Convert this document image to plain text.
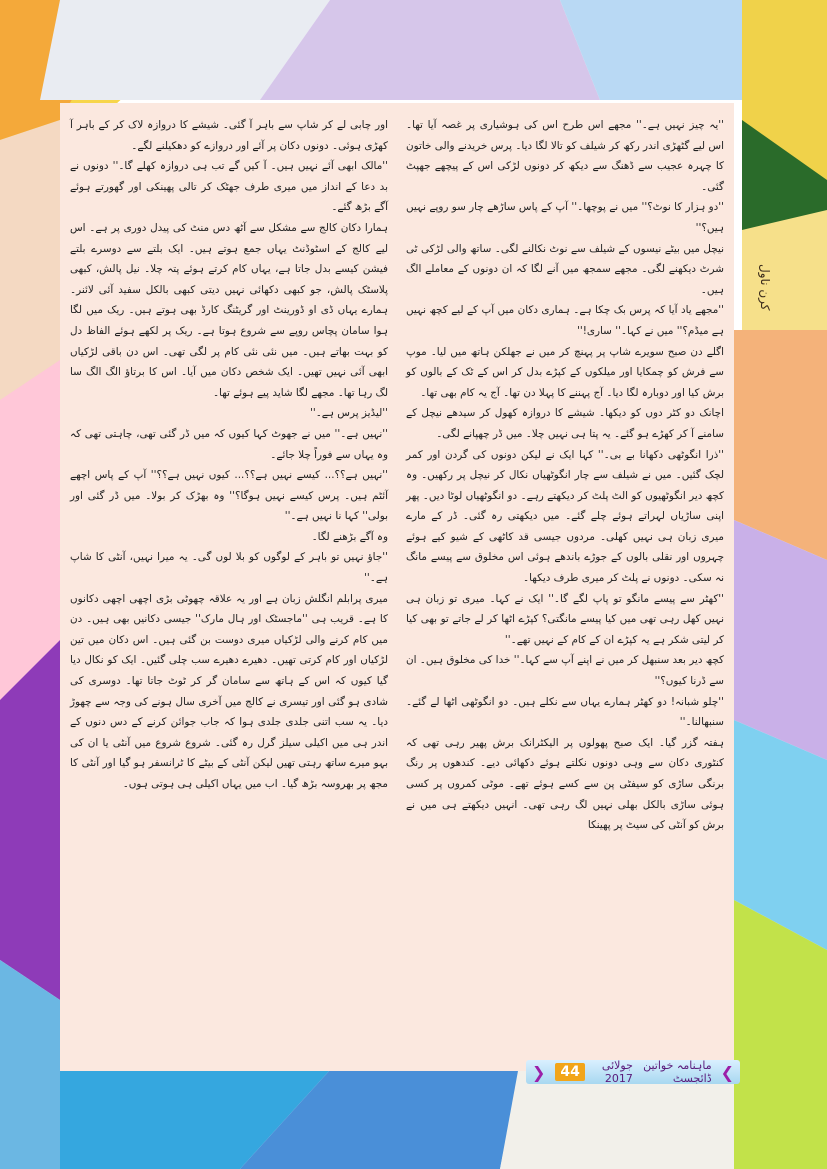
کرن ناول

''یہ چیز نہیں ہے۔'' مجھے اس طرح اس کی ہوشیاری پر غصہ آیا تھا۔ اس لیے گٹھڑی اندر رکھ کر شیلف کو تالا لگا دیا۔ پرس خریدنے والی خاتون کا چہرہ عجیب سے ڈھنگ سے دیکھ کر دونوں لڑکی اس کے پیچھے جھپٹ گئی۔

''دو ہزار کا نوٹ؟'' میں نے پوچھا۔'' آپ کے پاس ساڑھے چار سو روپے نہیں ہیں؟''

نیچل میں بیٹے نیسوں کے شیلف سے نوٹ نکالنے لگی۔ ساتھ والی لڑکی ٹی شرٹ دیکھنے لگی۔ مجھے سمجھ میں آنے لگا کہ ان دونوں کے معاملے الگ ہیں۔

''مجھے یاد آیا کہ پرس بک چکا ہے۔ ہماری دکان میں آپ کے لیے کچھ نہیں ہے میڈم؟'' میں نے کہا۔'' ساری!''

اگلے دن صبح سویرے شاپ پر پہنچ کر میں نے جھلکن ہاتھ میں لیا۔ موپ سے فرش کو چمکایا اور میلکوں کے کپڑے بدل کر اس کے ٹک کے بالوں کو برش کیا اور دوبارہ لگا دیا۔ آج پہننے کا پہلا دن تھا۔ آج یہ کام بھی تھا۔

اچانک دو کٹر دوں کو دیکھا۔ شیشے کا دروازہ کھول کر سیدھے نیچل کے سامنے آ کر کھڑے ہو گئے۔ یہ پتا ہی نہیں چلا۔ میں ڈر چھپانے لگی۔

''ذرا انگوٹھی دکھانا بے بی۔'' کہا ایک نے لیکن دونوں کی گردن اور کمر لچک گئیں۔ میں نے شیلف سے چار انگوٹھیاں نکال کر نیچل پر رکھیں۔ وہ کچھ دیر انگوٹھیوں کو الٹ پلٹ کر دیکھتے رہے۔ دو انگوٹھیاں لوٹا دیں۔ پھر اپنی ساڑیاں لہراتے ہوئے چلے گئے۔ میں دیکھتی رہ گئی۔ ڈر کے مارے میری زبان ہی نہیں کھلی۔ مردوں جیسی قد کاٹھی کے شیو کیے ہوئے چہروں اور نقلی بالوں کے جوڑے باندھے ہوئی اس مخلوق سے پیسے مانگ نہ سکی۔ دونوں نے پلٹ کر میری طرف دیکھا۔

''کھٹر سے پیسے مانگو تو پاپ لگے گا۔'' ایک نے کہا۔ میری تو زبان ہی نہیں کھل رہی تھی میں کیا پیسے مانگتی؟ کپڑے اٹھا کر لے جاتے تو بھی کیا کر لیتی شکر ہے یہ کپڑے ان کے کام کے نہیں تھے۔''

کچھ دیر بعد سنبھل کر میں نے اپنے آپ سے کہا۔'' خدا کی مخلوق ہیں۔ ان سے ڈرنا کیوں؟''

''چلو شبانہ! دو کھٹر ہمارے یہاں سے نکلے ہیں۔ دو انگوٹھی اٹھا لے گئے۔ سنبھالنا۔''

ہفتہ گزر گیا۔ ایک صبح پھولوں پر الیکٹرانک برش پھیر رہی تھی کہ کنٹوری دکان سے وہی دونوں نکلتے ہوئے دکھائی دیے۔ کندھوں پر رنگ برنگی ساڑی کو سیفٹی پن سے کسے ہوئے تھے۔ موٹی کمروں پر کسی ہوئی ساڑی بالکل بھلی نہیں لگ رہی تھی۔ انہیں دیکھتے ہی میں نے برش کو آنٹی کی سیٹ پر پھینکا

اور چابی لے کر شاپ سے باہر آ گئی۔ شیشے کا دروازہ لاک کر کے باہر آ کھڑی ہوئی۔ دونوں دکان پر آئے اور دروازے کو دھکیلنے لگے۔

''مالک ابھی آئے نہیں ہیں۔ آ کیں گے تب ہی دروازہ کھلے گا۔'' دونوں نے بد دعا کے انداز میں میری طرف جھٹک کر تالی پھینکی اور گھورتے ہوئے آگے بڑھ گئے۔

ہمارا دکان کالج سے مشکل سے آٹھ دس منٹ کی پیدل دوری پر ہے۔ اس لیے کالج کے اسٹوڈنٹ یہاں جمع ہوتے ہیں۔ ایک بلتے سے دوسرے بلتے فیشن کیسے بدل جاتا ہے، یہاں کام کرتے ہوئے پتہ چلا۔ نیل پالش، کبھی پلاسٹک پالش، جو کبھی دکھائی نہیں دیتی کبھی بالکل سفید آئی لائنر۔ ہمارے یہاں ڈی او ڈورینٹ اور گریٹنگ کارڈ بھی ہوتے ہیں۔ ریک میں لگا ہوا سامان پچاس روپے سے شروع ہوتا ہے۔ ریک پر لکھے ہوئے الفاظ دل کو بہت بھاتے ہیں۔ میں نئی نئی کام پر لگی تھی۔ اس دن باقی لڑکیاں ابھی آئی نہیں تھیں۔ ایک شخص دکان میں آیا۔ اس کا برتاؤ الگ الگ سا لگ رہا تھا۔ مجھے لگا شاید پیے ہوئے تھا۔

''لیڈیز پرس ہے۔''

''نہیں ہے۔'' میں نے جھوٹ کہا کیوں کہ میں ڈر گئی تھی، چاہتی تھی کہ وہ یہاں سے فوراً چلا جائے۔

''نہیں ہے؟؟... کیسے نہیں ہے؟؟... کیوں نہیں ہے؟؟'' آپ کے پاس اچھے آئٹم ہیں۔ پرس کیسے نہیں ہوگا؟'' وہ بھڑک کر بولا۔ میں ڈر گئی اور بولی'' کہا نا نہیں ہے۔''

وہ آگے بڑھنے لگا۔

''جاؤ نہیں تو باہر کے لوگوں کو بلا لوں گی۔ یہ میرا نہیں، آنٹی کا شاپ ہے۔''

میری پرابلم انگلش زبان ہے اور یہ علاقہ چھوٹی بڑی اچھی اچھی دکانوں کا ہے۔ قریب ہی ''ماجسٹک اور ہال مارک'' جیسی دکانیں بھی ہیں۔ دن میں کام کرنے والی لڑکیاں میری دوست بن گئی ہیں۔ اس دکان میں تین لڑکیاں اور کام کرتی تھیں۔ دھیرے دھیرے سب چلی گئیں۔ ایک کو نکال دیا گیا کیوں کہ اس کے ہاتھ سے سامان گر کر ٹوٹ جاتا تھا۔ دوسری کی شادی ہو گئی اور تیسری نے کالج میں آخری سال ہونے کی وجہ سے چھوڑ دیا۔ یہ سب اتنی جلدی جلدی ہوا کہ جاب جوائن کرنے کے دس دنوں کے اندر ہی میں اکیلی سیلز گرل رہ گئی۔ شروع شروع میں آنٹی یا ان کی بہو میرے ساتھ رہتی تھیں لیکن آنٹی کے بیٹے کا ٹرانسفر ہو گیا اور آنٹی کا مجھ پر بھروسہ بڑھ گیا۔ اب میں یہاں اکیلی ہی ہوتی ہوں۔

❯
ماہنامہ خواتین ڈائجسٹ
جولائی 2017
44
❮
